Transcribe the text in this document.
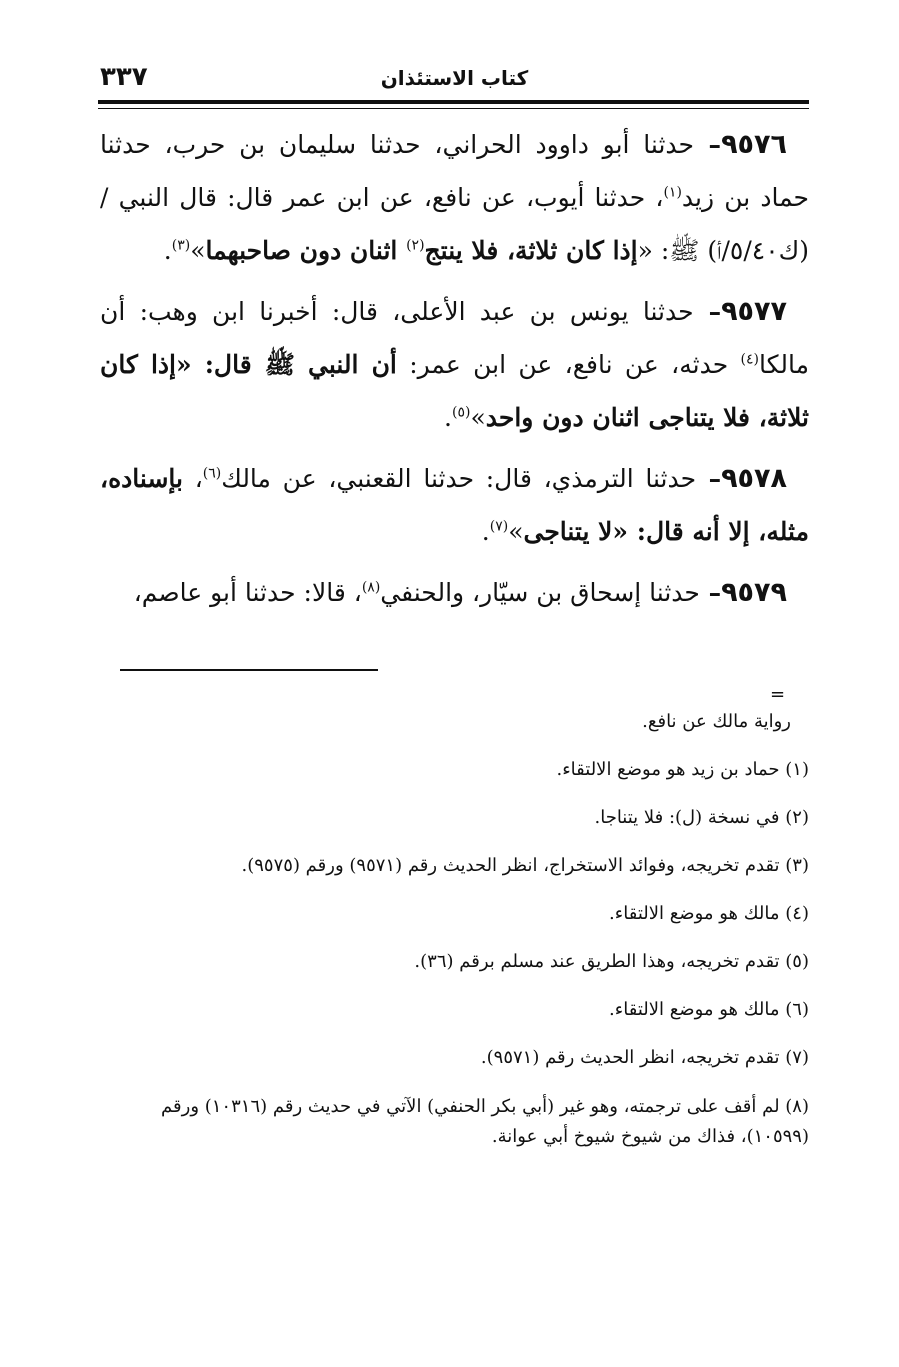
٣٣٧	كتاب الاستئذان

٩٥٧٦– حدثنا أبو داوود الحراني، حدثنا سليمان بن حرب، حدثنا حماد بن زيد$^{(١)}$، حدثنا أيوب، عن نافع، عن ابن عمر قال: قال النبي / (ك٥/٤٠/أ) ﷺ: «إذا كان ثلاثة، فلا ينتج$^{(٢)}$ اثنان دون صاحبهما»$^{(٣)}$.

٩٥٧٧– حدثنا يونس بن عبد الأعلى، قال: أخبرنا ابن وهب: أن مالكا$^{(٤)}$ حدثه، عن نافع، عن ابن عمر: أن النبي ﷺ قال: «إذا كان ثلاثة، فلا يتناجى اثنان دون واحد»$^{(٥)}$.

٩٥٧٨– حدثنا الترمذي، قال: حدثنا القعنبي، عن مالك$^{(٦)}$، بإسناده، مثله، إلا أنه قال: «لا يتناجى»$^{(٧)}$.

٩٥٧٩– حدثنا إسحاق بن سيّار، والحنفي$^{(٨)}$، قالا: حدثنا أبو عاصم،

=
رواية مالك عن نافع.
(١) حماد بن زيد هو موضع الالتقاء.
(٢) في نسخة (ل): فلا يتناجا.
(٣) تقدم تخريجه، وفوائد الاستخراج، انظر الحديث رقم (٩٥٧١) ورقم (٩٥٧٥).
(٤) مالك هو موضع الالتقاء.
(٥) تقدم تخريجه، وهذا الطريق عند مسلم برقم (٣٦).
(٦) مالك هو موضع الالتقاء.
(٧) تقدم تخريجه، انظر الحديث رقم (٩٥٧١).
(٨) لم أقف على ترجمته، وهو غير (أبي بكر الحنفي) الآتي في حديث رقم (١٠٣١٦) ورقم (١٠٥٩٩)، فذاك من شيوخ شيوخ أبي عوانة.
